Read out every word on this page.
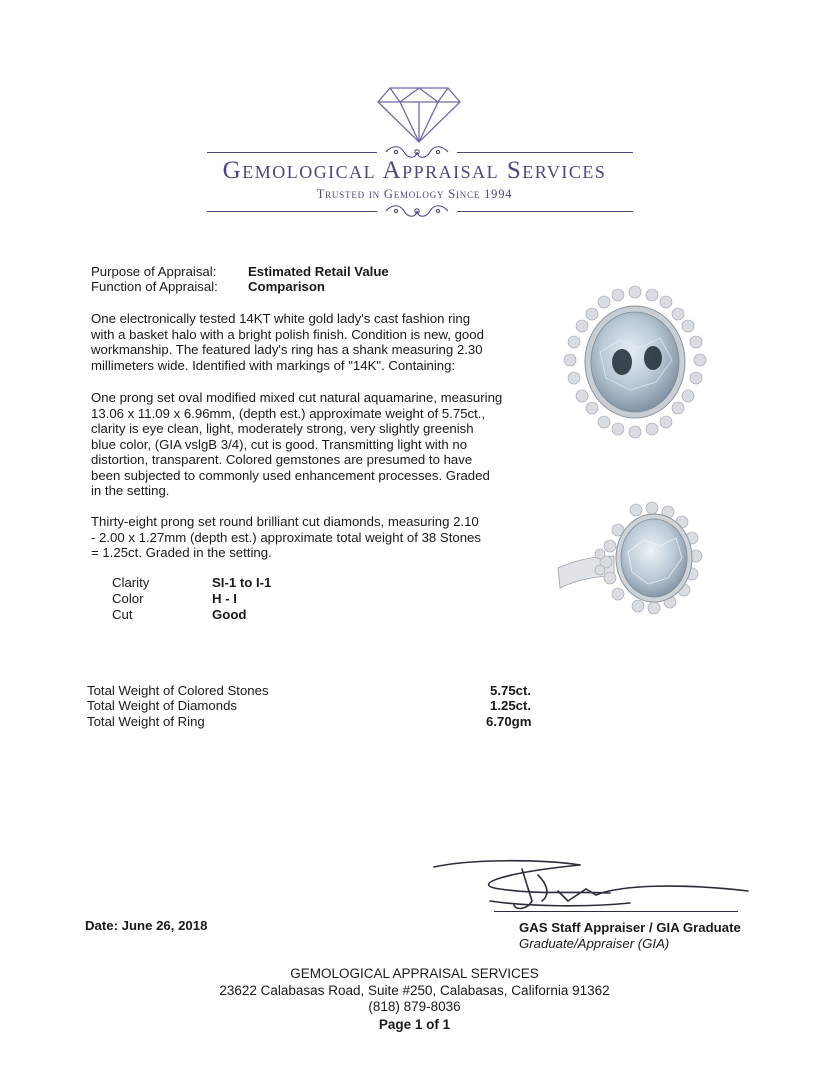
Gemological Appraisal Services
Trusted in Gemology Since 1994
Purpose of Appraisal: Estimated Retail Value
Function of Appraisal: Comparison
One electronically tested 14KT white gold lady's cast fashion ring
with a basket halo with a bright polish finish. Condition is new, good
workmanship. The featured lady's ring has a shank measuring 2.30
millimeters wide. Identified with markings of "14K". Containing:
One prong set oval modified mixed cut natural aquamarine, measuring
13.06 x 11.09 x 6.96mm, (depth est.) approximate weight of 5.75ct.,
clarity is eye clean, light, moderately strong, very slightly greenish
blue color, (GIA vslgB 3/4), cut is good. Transmitting light with no
distortion, transparent. Colored gemstones are presumed to have
been subjected to commonly used enhancement processes. Graded
in the setting.
Thirty-eight prong set round brilliant cut diamonds, measuring 2.10
- 2.00 x 1.27mm (depth est.) approximate total weight of 38 Stones
= 1.25ct. Graded in the setting.
Clarity	SI-1 to I-1
Color	H - I
Cut	Good
Total Weight of Colored Stones	5.75ct.
Total Weight of Diamonds	1.25ct.
Total Weight of Ring	6.70gm
Date: June 26, 2018	GAS Staff Appraiser / GIA Graduate
Graduate/Appraiser (GIA)
GEMOLOGICAL APPRAISAL SERVICES
23622 Calabasas Road, Suite #250, Calabasas, California 91362
(818) 879-8036
Page 1 of 1
